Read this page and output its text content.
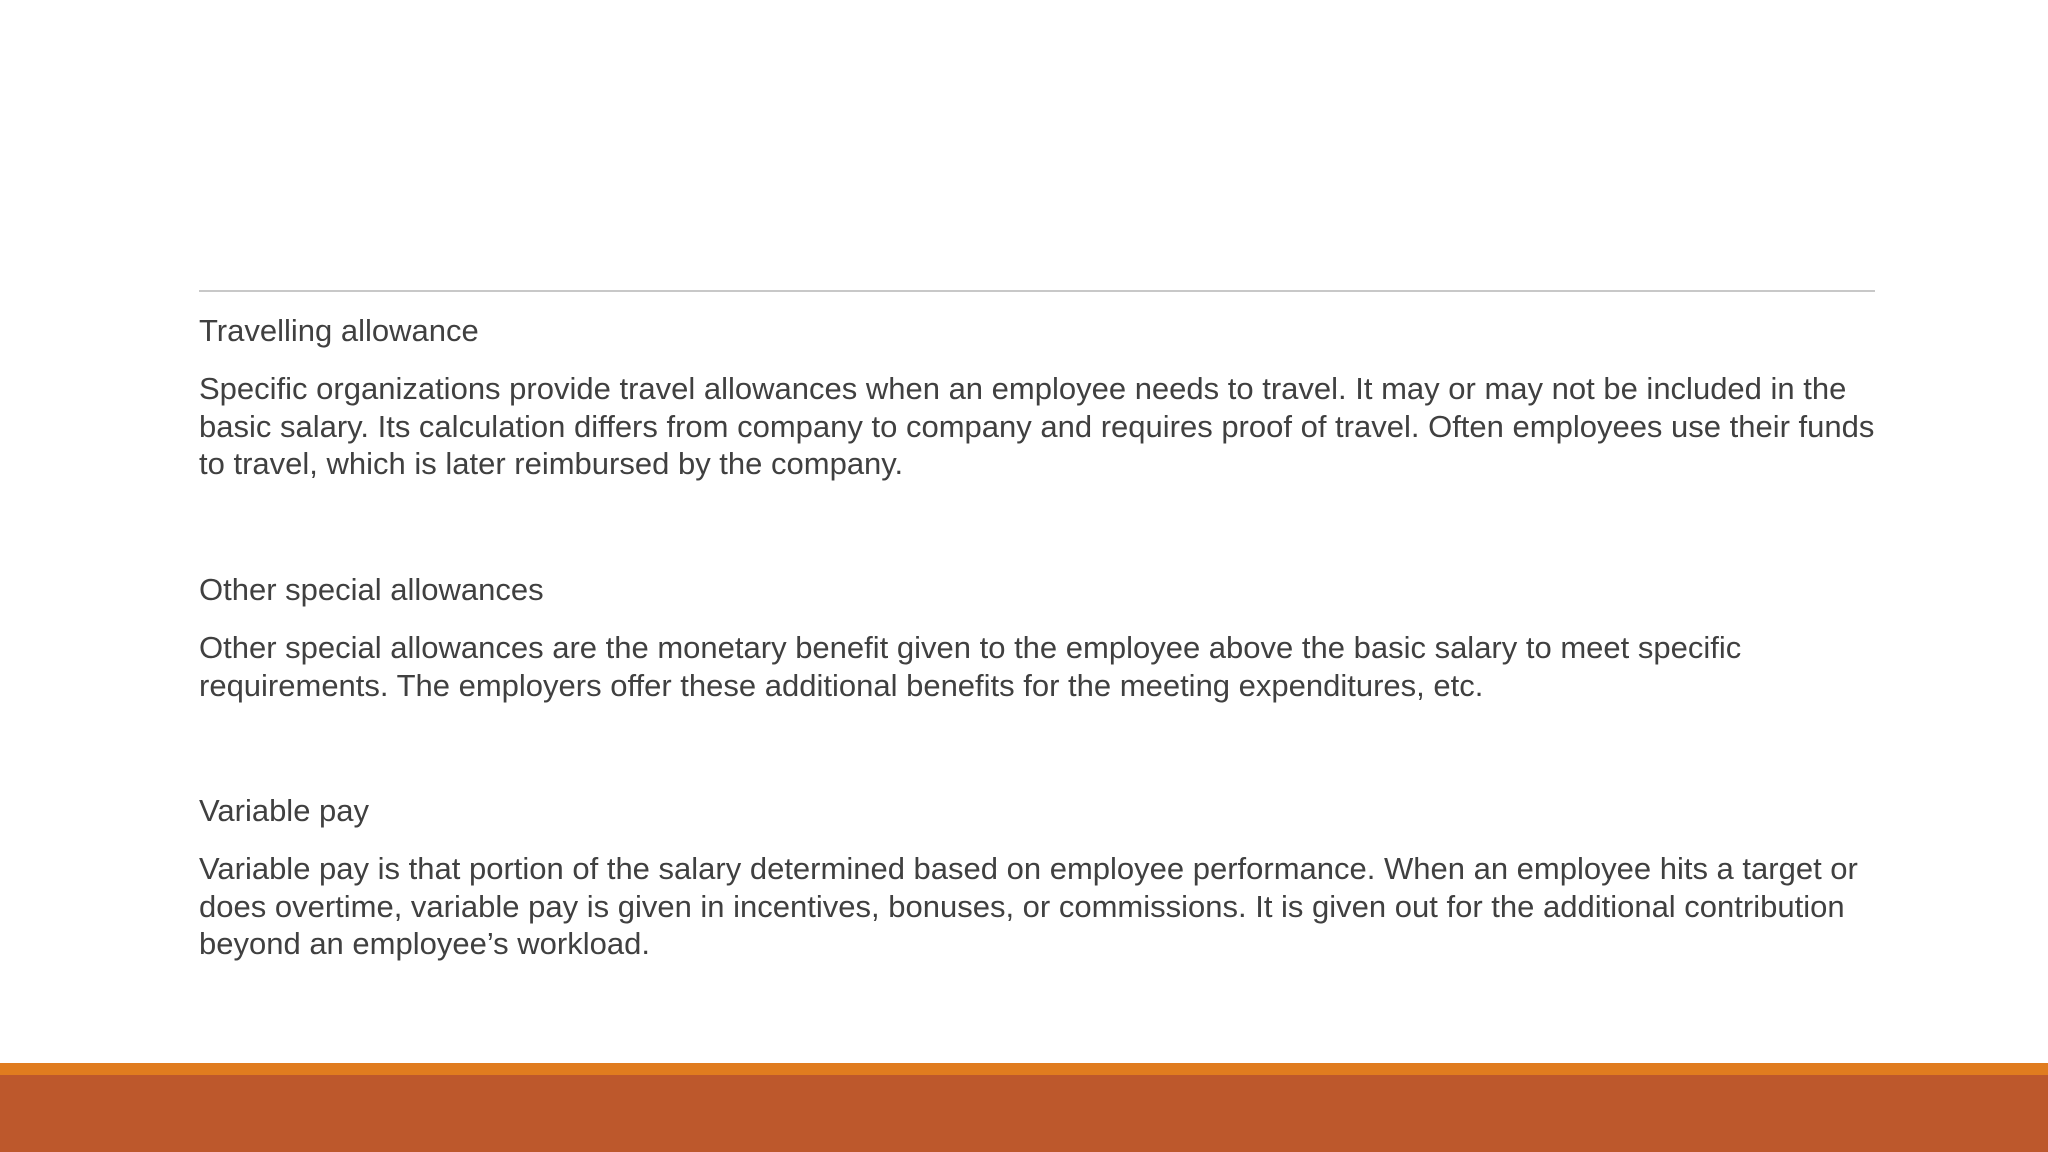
Travelling allowance

Specific organizations provide travel allowances when an employee needs to travel. It may or may not be included in the basic salary. Its calculation differs from company to company and requires proof of travel. Often employees use their funds to travel, which is later reimbursed by the company.

Other special allowances

Other special allowances are the monetary benefit given to the employee above the basic salary to meet specific requirements. The employers offer these additional benefits for the meeting expenditures, etc.

Variable pay

Variable pay is that portion of the salary determined based on employee performance. When an employee hits a target or does overtime, variable pay is given in incentives, bonuses, or commissions. It is given out for the additional contribution beyond an employee’s workload.
